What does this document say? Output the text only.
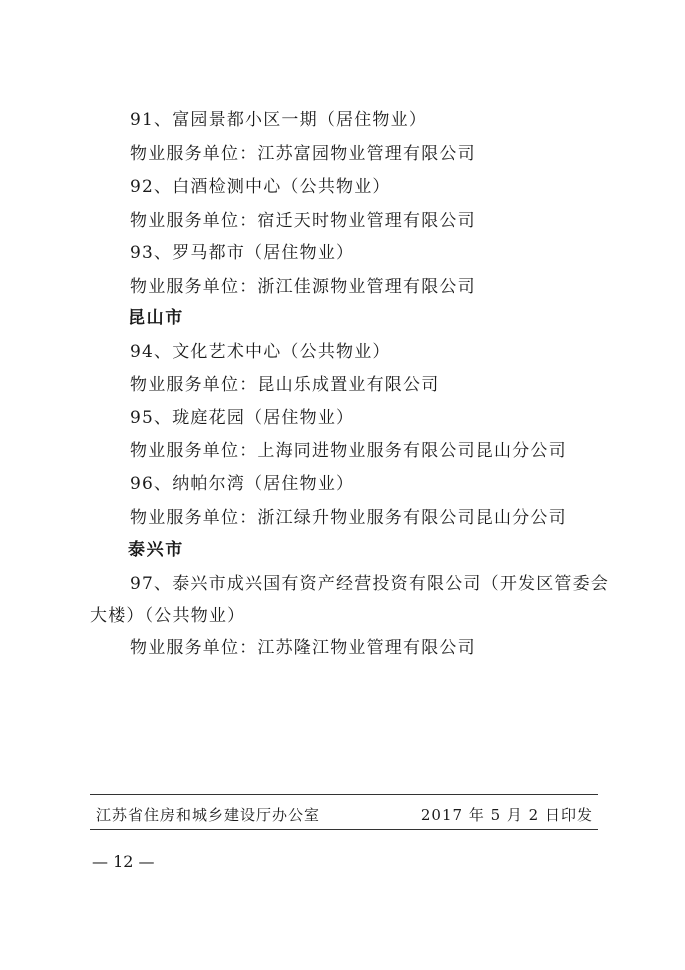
91、富园景都小区一期（居住物业）
物业服务单位：江苏富园物业管理有限公司
92、白酒检测中心（公共物业）
物业服务单位：宿迁天时物业管理有限公司
93、罗马都市（居住物业）
物业服务单位：浙江佳源物业管理有限公司
昆山市
94、文化艺术中心（公共物业）
物业服务单位：昆山乐成置业有限公司
95、珑庭花园（居住物业）
物业服务单位：上海同进物业服务有限公司昆山分公司
96、纳帕尔湾（居住物业）
物业服务单位：浙江绿升物业服务有限公司昆山分公司
泰兴市
97、泰兴市成兴国有资产经营投资有限公司（开发区管委会
大楼）（公共物业）
物业服务单位：江苏隆江物业管理有限公司
江苏省住房和城乡建设厅办公室	2017 年 5 月 2 日印发
— 12 —
